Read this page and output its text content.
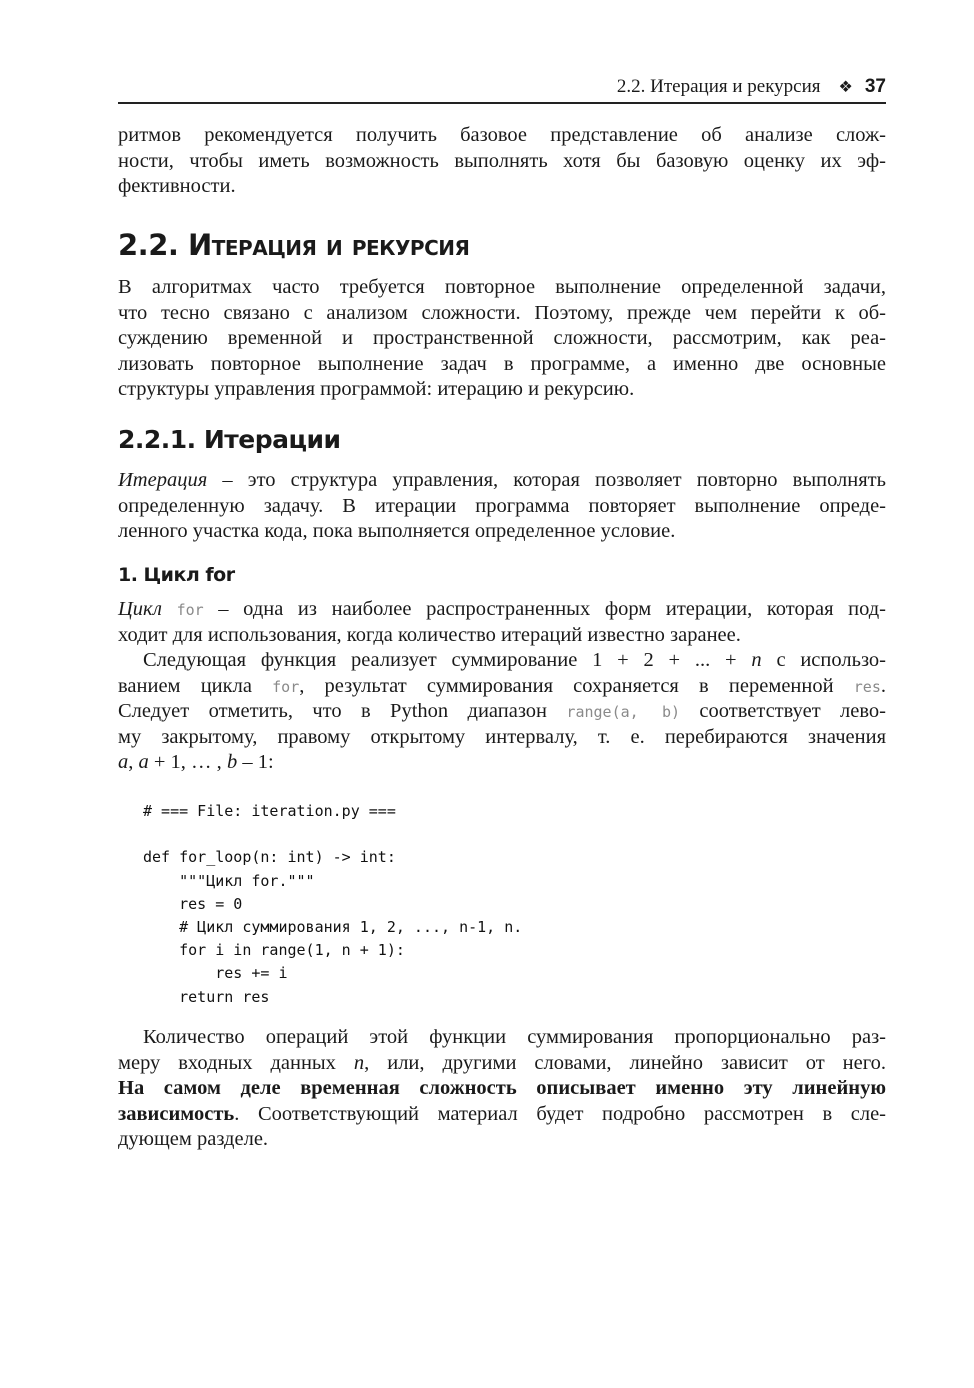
2.2. Итерация и рекурсия ❖ 37
ритмов рекомендуется получить базовое представление об анализе слож-
ности, чтобы иметь возможность выполнять хотя бы базовую оценку их эф-
фективности.
2.2. Итерация и рекурсия
В алгоритмах часто требуется повторное выполнение определенной задачи,
что тесно связано с анализом сложности. Поэтому, прежде чем перейти к об-
суждению временной и пространственной сложности, рассмотрим, как реа-
лизовать повторное выполнение задач в программе, а именно две основные
структуры управления программой: итерацию и рекурсию.
2.2.1. Итерации
Итерация – это структура управления, которая позволяет повторно выполнять
определенную задачу. В итерации программа повторяет выполнение опреде-
ленного участка кода, пока выполняется определенное условие.
1. Цикл for
Цикл for – одна из наиболее распространенных форм итерации, которая под-
ходит для использования, когда количество итераций известно заранее.
Следующая функция реализует суммирование 1 + 2 + ... + n с использо-
ванием цикла for, результат суммирования сохраняется в переменной res.
Следует отметить, что в Python диапазон range(a, b) соответствует лево-
му закрытому, правому открытому интервалу, т. е. перебираются значения
a, a + 1, … , b – 1:
Количество операций этой функции суммирования пропорционально раз-
меру входных данных n, или, другими словами, линейно зависит от него.
На самом деле временная сложность описывает именно эту линейную
зависимость. Соответствующий материал будет подробно рассмотрен в сле-
дующем разделе.
# === File: iteration.py ===
def for_loop(n: int) -> int:
"""Цикл for."""
res = 0
# Цикл суммирования 1, 2, ..., n-1, n.
for i in range(1, n + 1):
res += i
return res
